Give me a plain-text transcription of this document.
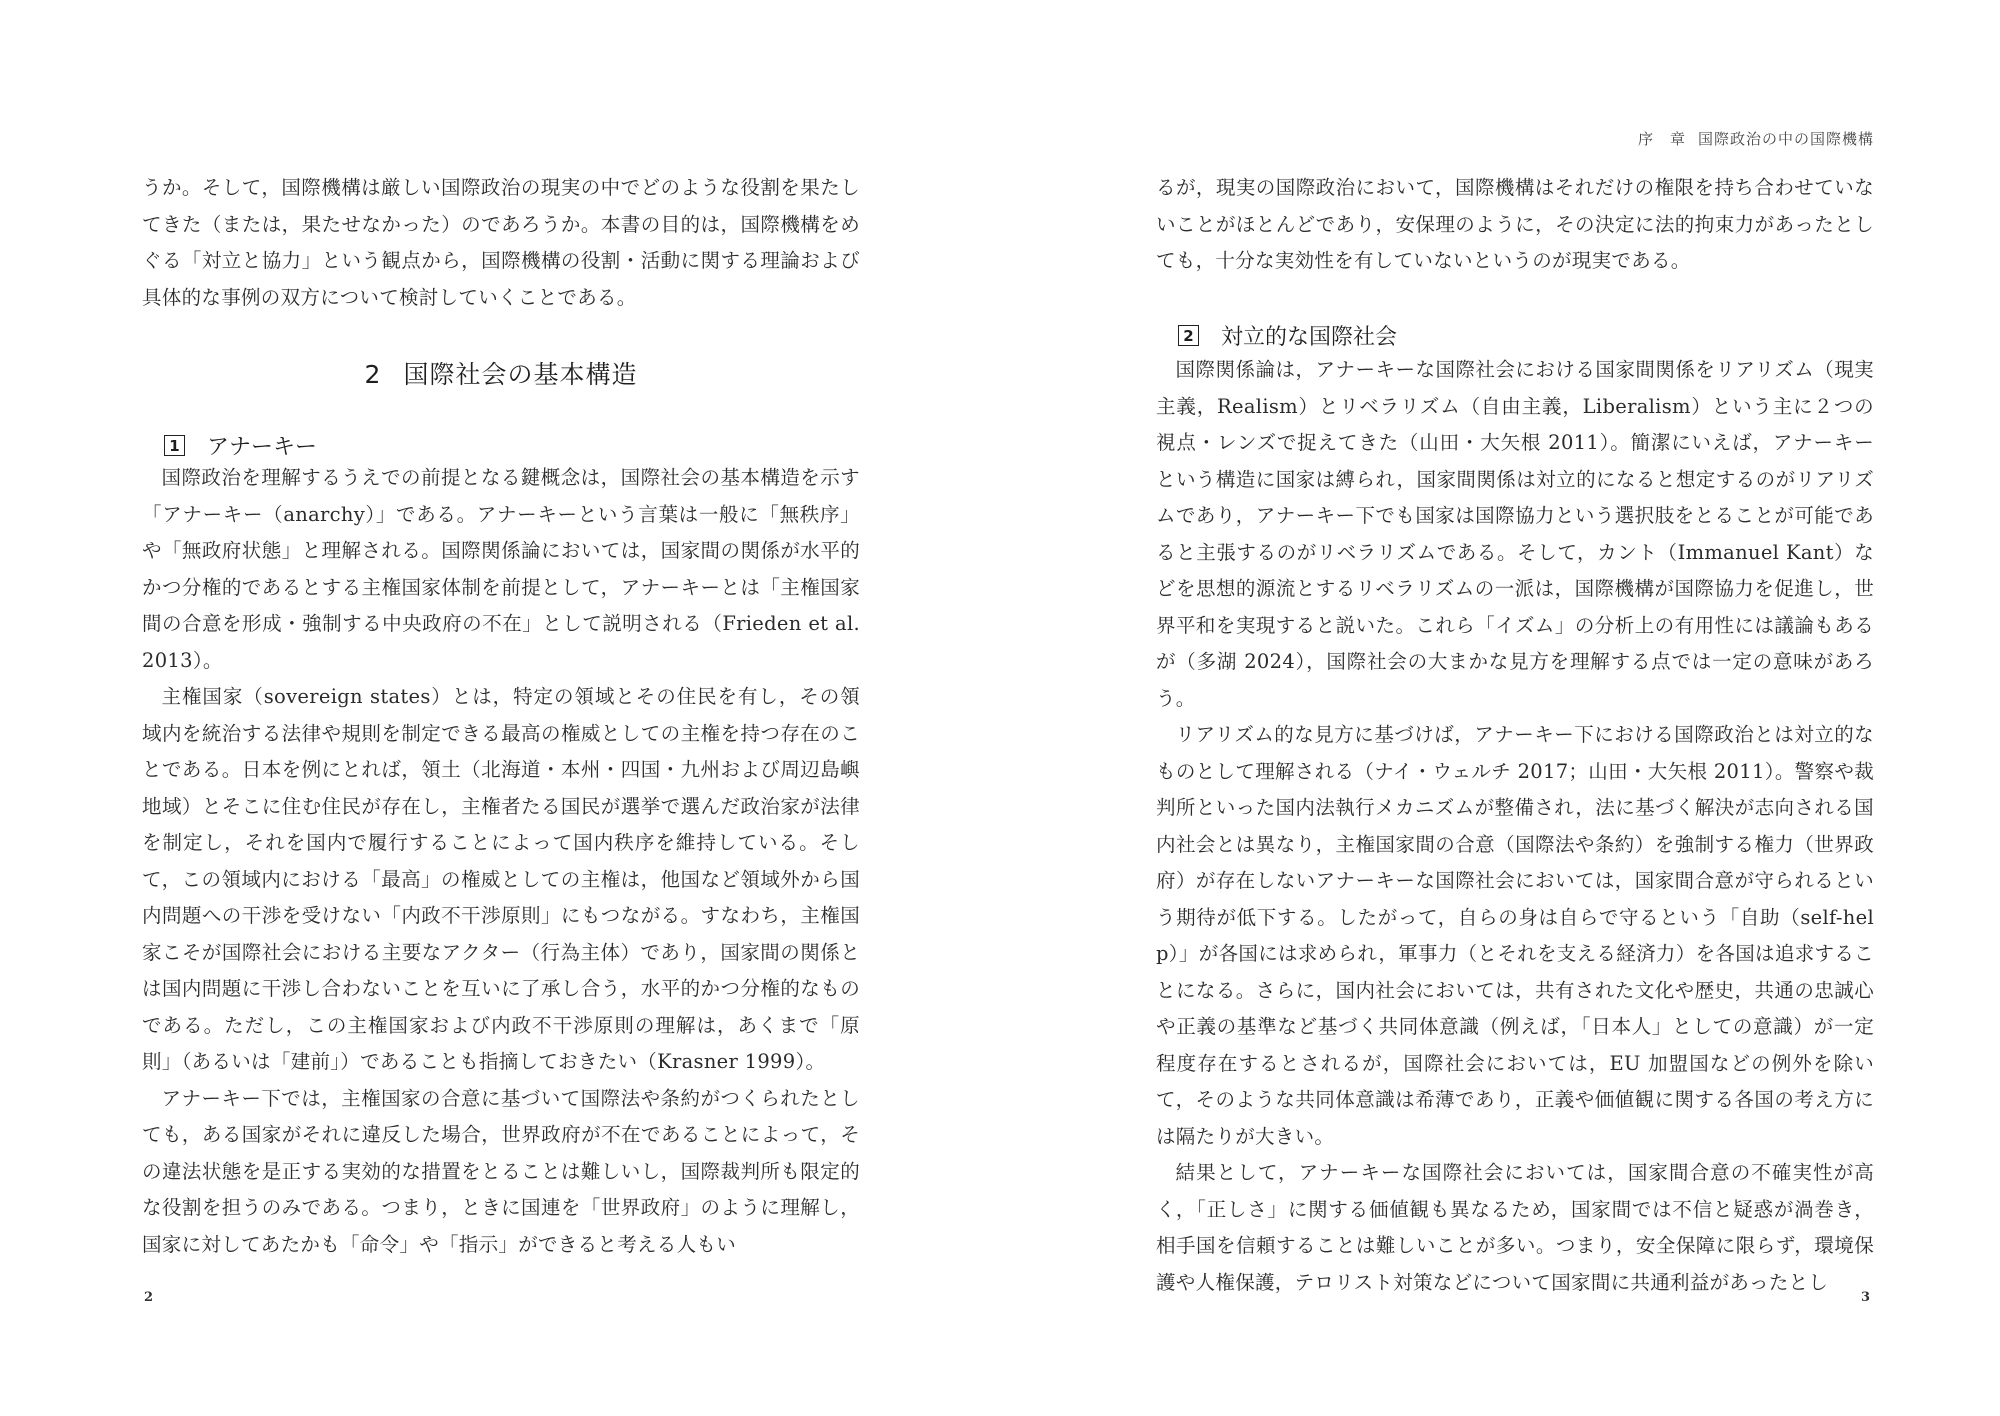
うか。そして，国際機構は厳しい国際政治の現実の中でどのような役割を果たしてきた（または，果たせなかった）のであろうか。本書の目的は，国際機構をめぐる「対立と協力」という観点から，国際機構の役割・活動に関する理論および具体的な事例の双方について検討していくことである。

2 国際社会の基本構造
1 アナーキー

国際政治を理解するうえでの前提となる鍵概念は，国際社会の基本構造を示す「アナーキー（anarchy）」である。アナーキーという言葉は一般に「無秩序」や「無政府状態」と理解される。国際関係論においては，国家間の関係が水平的かつ分権的であるとする主権国家体制を前提として，アナーキーとは「主権国家間の合意を形成・強制する中央政府の不在」として説明される（Frieden et al. 2013）。

主権国家（sovereign states）とは，特定の領域とその住民を有し，その領域内を統治する法律や規則を制定できる最高の権威としての主権を持つ存在のことである。日本を例にとれば，領土（北海道・本州・四国・九州および周辺島嶼地域）とそこに住む住民が存在し，主権者たる国民が選挙で選んだ政治家が法律を制定し，それを国内で履行することによって国内秩序を維持している。そして，この領域内における「最高」の権威としての主権は，他国など領域外から国内問題への干渉を受けない「内政不干渉原則」にもつながる。すなわち，主権国家こそが国際社会における主要なアクター（行為主体）であり，国家間の関係とは国内問題に干渉し合わないことを互いに了承し合う，水平的かつ分権的なものである。ただし，この主権国家および内政不干渉原則の理解は，あくまで「原則」（あるいは「建前」）であることも指摘しておきたい（Krasner 1999）。

アナーキー下では，主権国家の合意に基づいて国際法や条約がつくられたとしても，ある国家がそれに違反した場合，世界政府が不在であることによって，その違法状態を是正する実効的な措置をとることは難しいし，国際裁判所も限定的な役割を担うのみである。つまり，ときに国連を「世界政府」のように理解し，国家に対してあたかも「命令」や「指示」ができると考える人もい

2
序　章 国際政治の中の国際機構

るが，現実の国際政治において，国際機構はそれだけの権限を持ち合わせていないことがほとんどであり，安保理のように，その決定に法的拘束力があったとしても，十分な実効性を有していないというのが現実である。

2 対立的な国際社会

国際関係論は，アナーキーな国際社会における国家間関係をリアリズム（現実主義，Realism）とリベラリズム（自由主義，Liberalism）という主に２つの視点・レンズで捉えてきた（山田・大矢根 2011）。簡潔にいえば，アナーキーという構造に国家は縛られ，国家間関係は対立的になると想定するのがリアリズムであり，アナーキー下でも国家は国際協力という選択肢をとることが可能であると主張するのがリベラリズムである。そして，カント（Immanuel Kant）などを思想的源流とするリベラリズムの一派は，国際機構が国際協力を促進し，世界平和を実現すると説いた。これら「イズム」の分析上の有用性には議論もあるが（多湖 2024），国際社会の大まかな見方を理解する点では一定の意味があろう。

リアリズム的な見方に基づけば，アナーキー下における国際政治とは対立的なものとして理解される（ナイ・ウェルチ 2017；山田・大矢根 2011）。警察や裁判所といった国内法執行メカニズムが整備され，法に基づく解決が志向される国内社会とは異なり，主権国家間の合意（国際法や条約）を強制する権力（世界政府）が存在しないアナーキーな国際社会においては，国家間合意が守られるという期待が低下する。したがって，自らの身は自らで守るという「自助（self-help）」が各国には求められ，軍事力（とそれを支える経済力）を各国は追求することになる。さらに，国内社会においては，共有された文化や歴史，共通の忠誠心や正義の基準など基づく共同体意識（例えば，「日本人」としての意識）が一定程度存在するとされるが，国際社会においては，EU 加盟国などの例外を除いて，そのような共同体意識は希薄であり，正義や価値観に関する各国の考え方には隔たりが大きい。

結果として，アナーキーな国際社会においては，国家間合意の不確実性が高く，「正しさ」に関する価値観も異なるため，国家間では不信と疑惑が渦巻き，相手国を信頼することは難しいことが多い。つまり，安全保障に限らず，環境保護や人権保護，テロリスト対策などについて国家間に共通利益があったとし

3
